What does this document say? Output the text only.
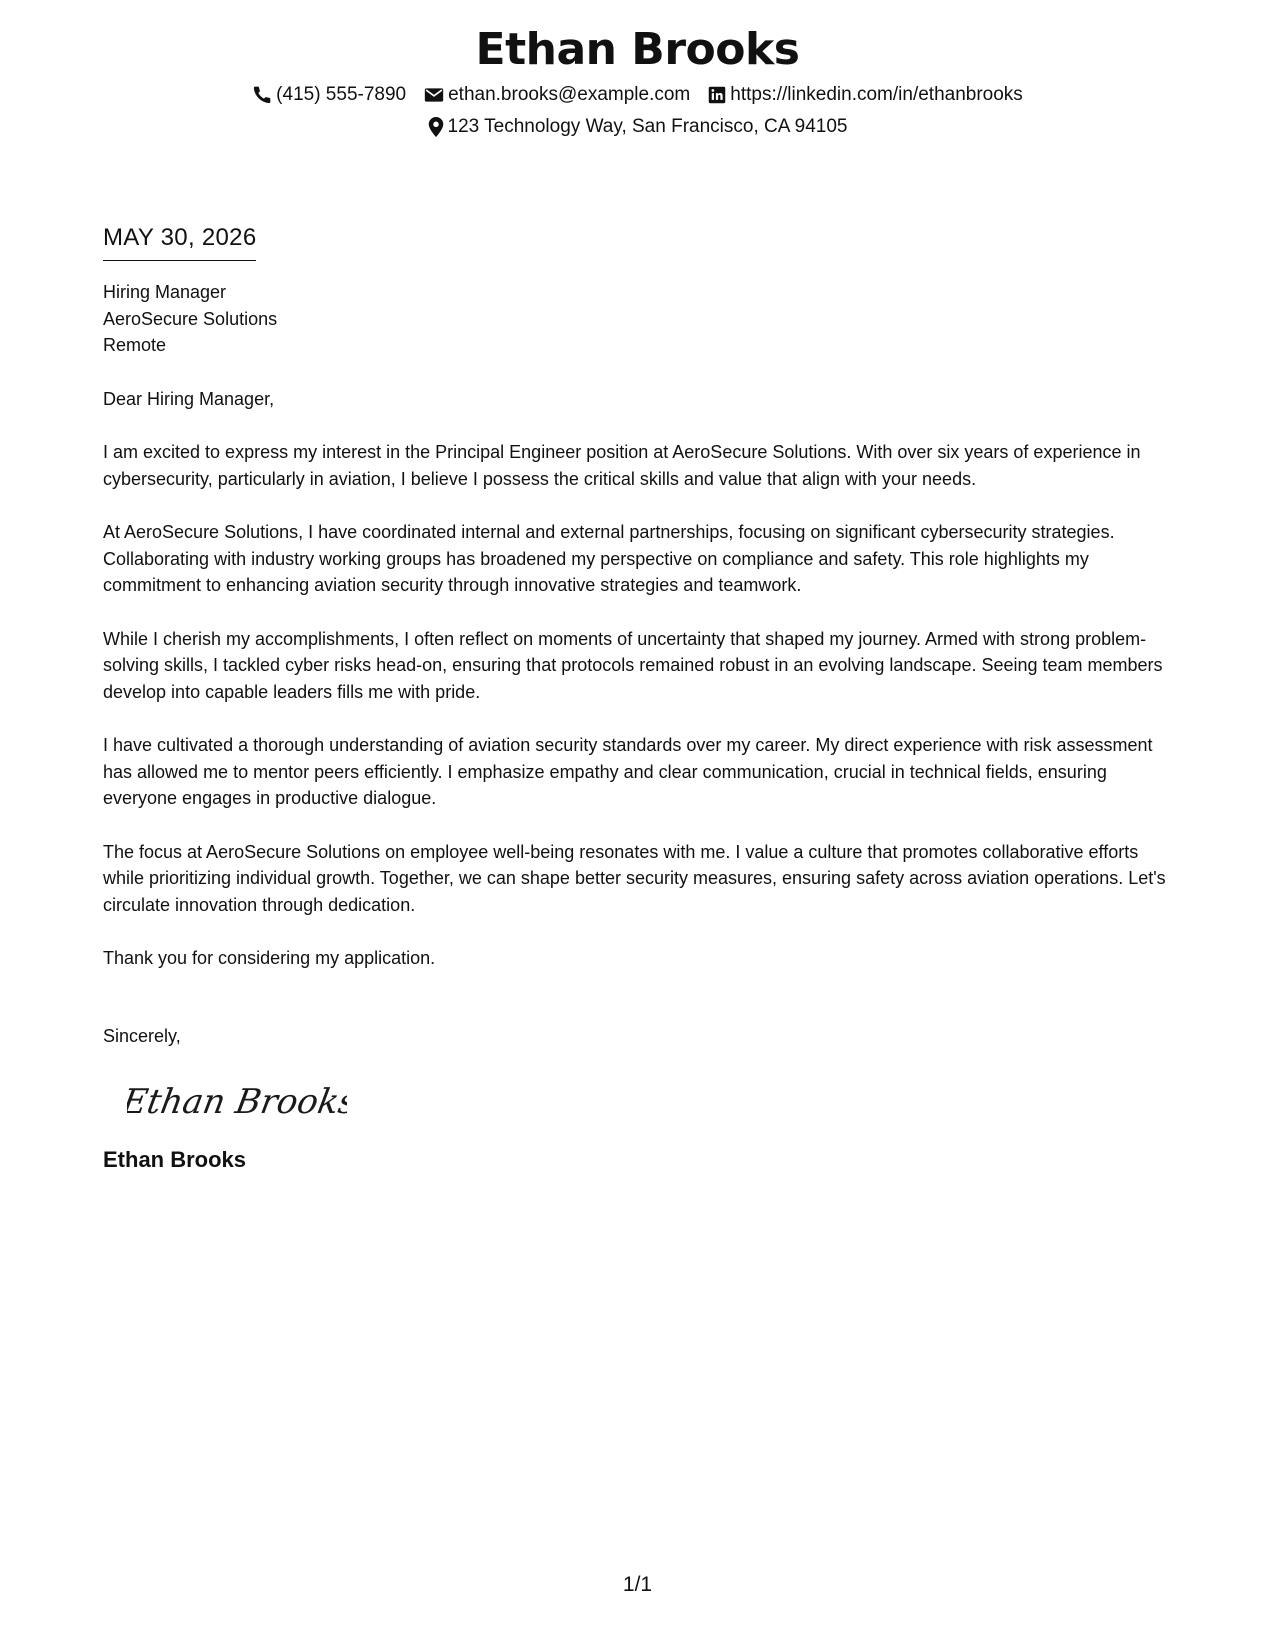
Ethan Brooks
(415) 555-7890 ethan.brooks@example.com https://linkedin.com/in/ethanbrooks
123 Technology Way, San Francisco, CA 94105
MAY 30, 2026
Hiring Manager
AeroSecure Solutions
Remote
Dear Hiring Manager,
I am excited to express my interest in the Principal Engineer position at AeroSecure Solutions. With over six years of experience in cybersecurity, particularly in aviation, I believe I possess the critical skills and value that align with your needs.
At AeroSecure Solutions, I have coordinated internal and external partnerships, focusing on significant cybersecurity strategies. Collaborating with industry working groups has broadened my perspective on compliance and safety. This role highlights my commitment to enhancing aviation security through innovative strategies and teamwork.
While I cherish my accomplishments, I often reflect on moments of uncertainty that shaped my journey. Armed with strong problem-solving skills, I tackled cyber risks head-on, ensuring that protocols remained robust in an evolving landscape. Seeing team members develop into capable leaders fills me with pride.
I have cultivated a thorough understanding of aviation security standards over my career. My direct experience with risk assessment has allowed me to mentor peers efficiently. I emphasize empathy and clear communication, crucial in technical fields, ensuring everyone engages in productive dialogue.
The focus at AeroSecure Solutions on employee well-being resonates with me. I value a culture that promotes collaborative efforts while prioritizing individual growth. Together, we can shape better security measures, ensuring safety across aviation operations. Let's circulate innovation through dedication.
Thank you for considering my application.
Sincerely,
Ethan Brooks
Ethan Brooks
1/1
